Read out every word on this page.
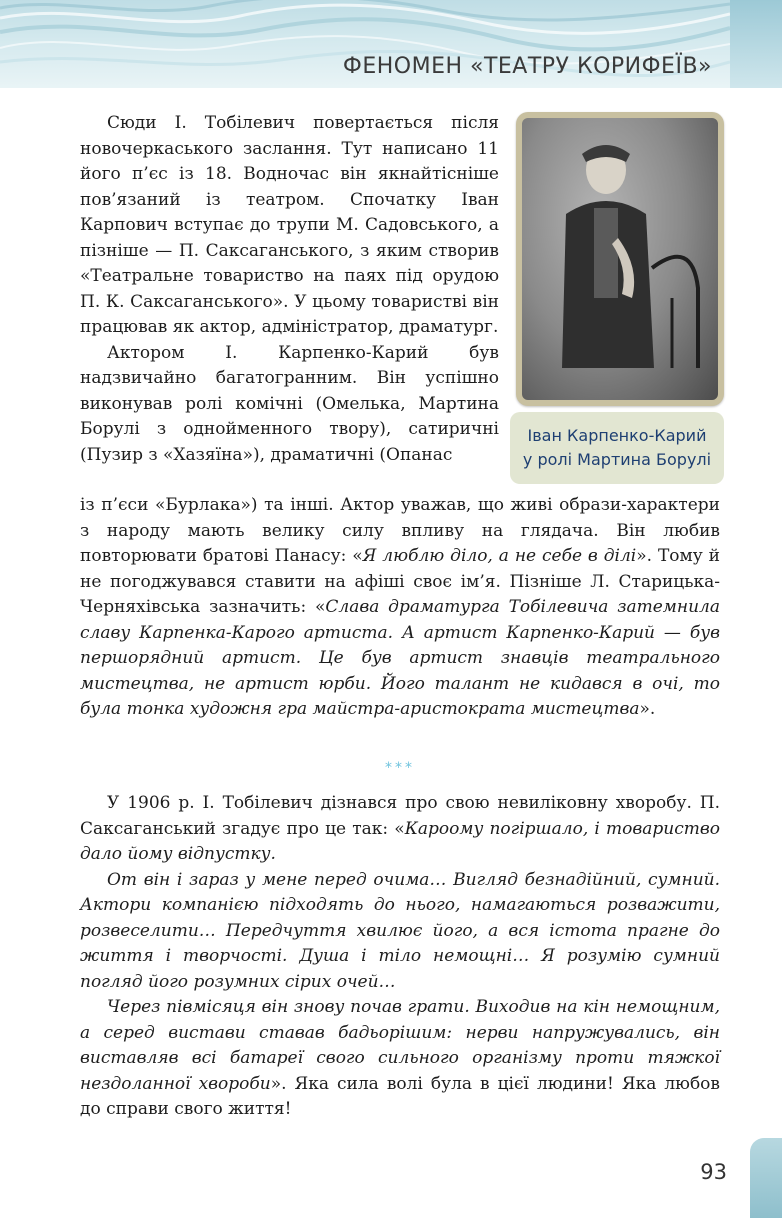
ФЕНОМЕН «ТЕАТРУ КОРИФЕЇВ»

Сюди І. Тобілевич повертається після новочеркаського заслання. Тут написано 11 його п’єс із 18. Водночас він якнайтісніше пов’язаний із театром. Спочатку Іван Карпович вступає до трупи М. Садовського, а пізніше — П. Саксаганського, з яким створив «Театральне товариство на паях під орудою П. К. Саксаганського». У цьому товаристві він працював як актор, адміністратор, драматург.

Актором І. Карпенко-Карий був надзвичайно багатогранним. Він успішно виконував ролі комічні (Омелька, Мартина Борулі з однойменного твору), сатиричні (Пузир з «Хазяїна»), драматичні (Опанас

Іван Карпенко-Карий
у ролі Мартина Борулі

із п’єси «Бурлака») та інші. Актор уважав, що живі образи-характери з народу мають велику силу впливу на глядача. Він любив повторювати братові Панасу: «Я люблю діло, а не себе в ділі». Тому й не погоджувався ставити на афіші своє ім’я. Пізніше Л. Старицька-Черняхівська зазначить: «Слава драматурга Тобілевича затемнила славу Карпенка-Карого артиста. А артист Карпенко-Карий — був першорядний артист. Це був артист знавців театрального мистецтва, не артист юрби. Його талант не кидався в очі, то була тонка художня гра майстра-аристократа мистецтва».

***

У 1906 р. І. Тобілевич дізнався про свою невиліковну хворобу. П. Саксаганський згадує про це так: «Кароому погіршало, і товариство дало йому відпустку.

От він і зараз у мене перед очима… Вигляд безнадійний, сумний. Актори компанією підходять до нього, намагаються розважити, розвеселити… Передчуття хвилює його, а вся істота прагне до життя і творчості. Душа і тіло немощні… Я розумію сумний погляд його розумних сірих очей…

Через півмісяця він знову почав грати. Виходив на кін немощним, а серед вистави ставав бадьорішим: нерви напружувались, він виставляв всі батареї свого сильного організму проти тяжкої нездоланної хвороби». Яка сила волі була в цієї людини! Яка любов до справи свого життя!

93
